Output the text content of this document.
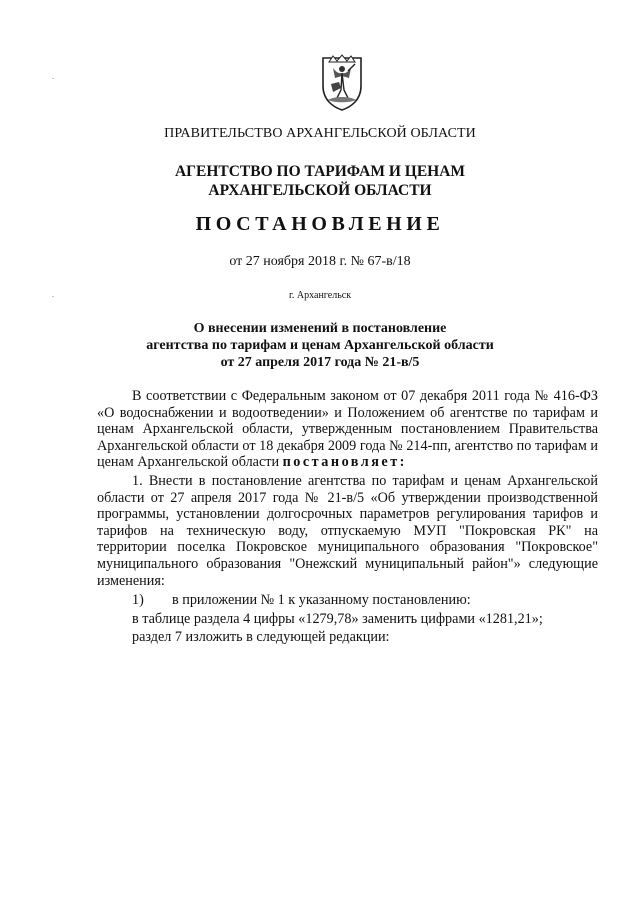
ПРАВИТЕЛЬСТВО АРХАНГЕЛЬСКОЙ ОБЛАСТИ

АГЕНТСТВО ПО ТАРИФАМ И ЦЕНАМ
АРХАНГЕЛЬСКОЙ ОБЛАСТИ

ПОСТАНОВЛЕНИЕ

от 27 ноября 2018 г. № 67-в/18

г. Архангельск

О внесении изменений в постановление
агентства по тарифам и ценам Архангельской области
от 27 апреля 2017 года № 21-в/5

В соответствии с Федеральным законом от 07 декабря 2011 года № 416-ФЗ «О водоснабжении и водоотведении» и Положением об агентстве по тарифам и ценам Архангельской области, утвержденным постановлением Правительства Архангельской области от 18 декабря 2009 года № 214-пп, агентство по тарифам и ценам Архангельской области постановляет:

1. Внести в постановление агентства по тарифам и ценам Архангельской области от 27 апреля 2017 года № 21-в/5 «Об утверждении производственной программы, установлении долгосрочных параметров регулирования тарифов и тарифов на техническую воду, отпускаемую МУП "Покровская РК" на территории поселка Покровское муниципального образования "Покровское" муниципального образования "Онежский муниципальный район"» следующие изменения:

1) в приложении № 1 к указанному постановлению:

в таблице раздела 4 цифры «1279,78» заменить цифрами «1281,21»;

раздел 7 изложить в следующей редакции:
